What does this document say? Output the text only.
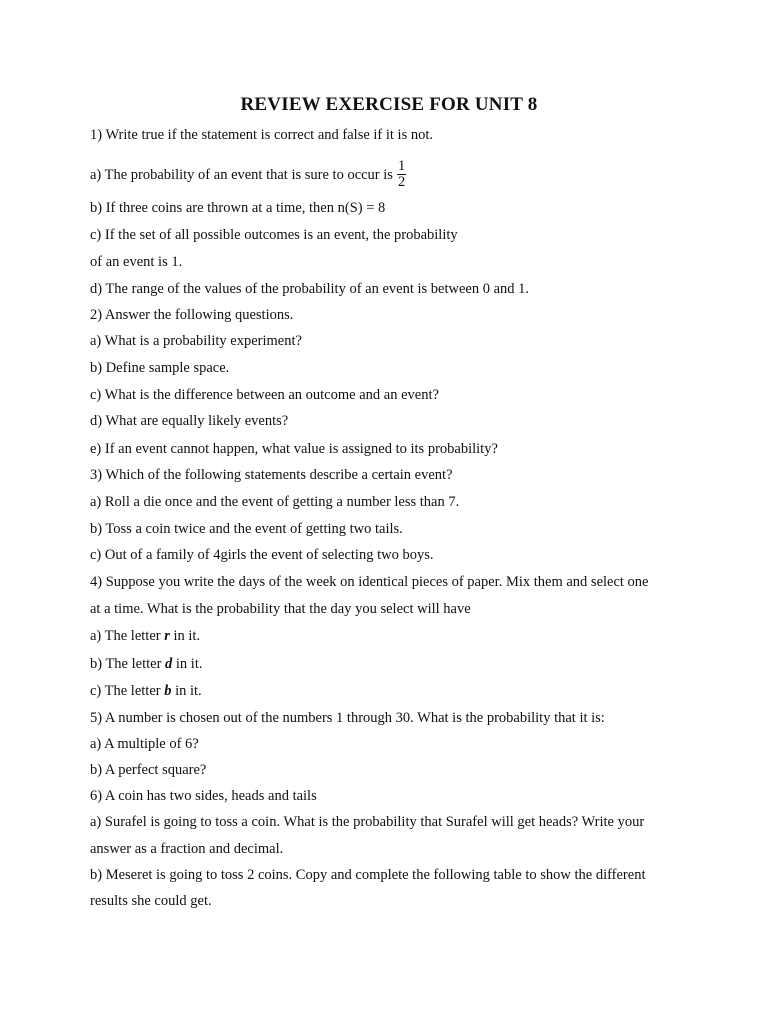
REVIEW EXERCISE FOR UNIT 8
1) Write true if the statement is correct and false if it is not.
a) The probability of an event that is sure to occur is $\frac{1}{2}$
b) If three coins are thrown at a time, then n(S) = 8
c) If the set of all possible outcomes is an event, the probability
of an event is 1.
d) The range of the values of the probability of an event is between 0 and 1.
2) Answer the following questions.
a) What is a probability experiment?
b) Define sample space.
c) What is the difference between an outcome and an event?
d) What are equally likely events?
e) If an event cannot happen, what value is assigned to its probability?
3) Which of the following statements describe a certain event?
a) Roll a die once and the event of getting a number less than 7.
b) Toss a coin twice and the event of getting two tails.
c) Out of a family of 4girls the event of selecting two boys.
4) Suppose you write the days of the week on identical pieces of paper. Mix them and select one
at a time. What is the probability that the day you select will have
a) The letter r in it.
b) The letter d in it.
c) The letter b in it.
5) A number is chosen out of the numbers 1 through 30. What is the probability that it is:
a) A multiple of 6?
b) A perfect square?
6) A coin has two sides, heads and tails
a) Surafel is going to toss a coin. What is the probability that Surafel will get heads? Write your
answer as a fraction and decimal.
b) Meseret is going to toss 2 coins. Copy and complete the following table to show the different
results she could get.
